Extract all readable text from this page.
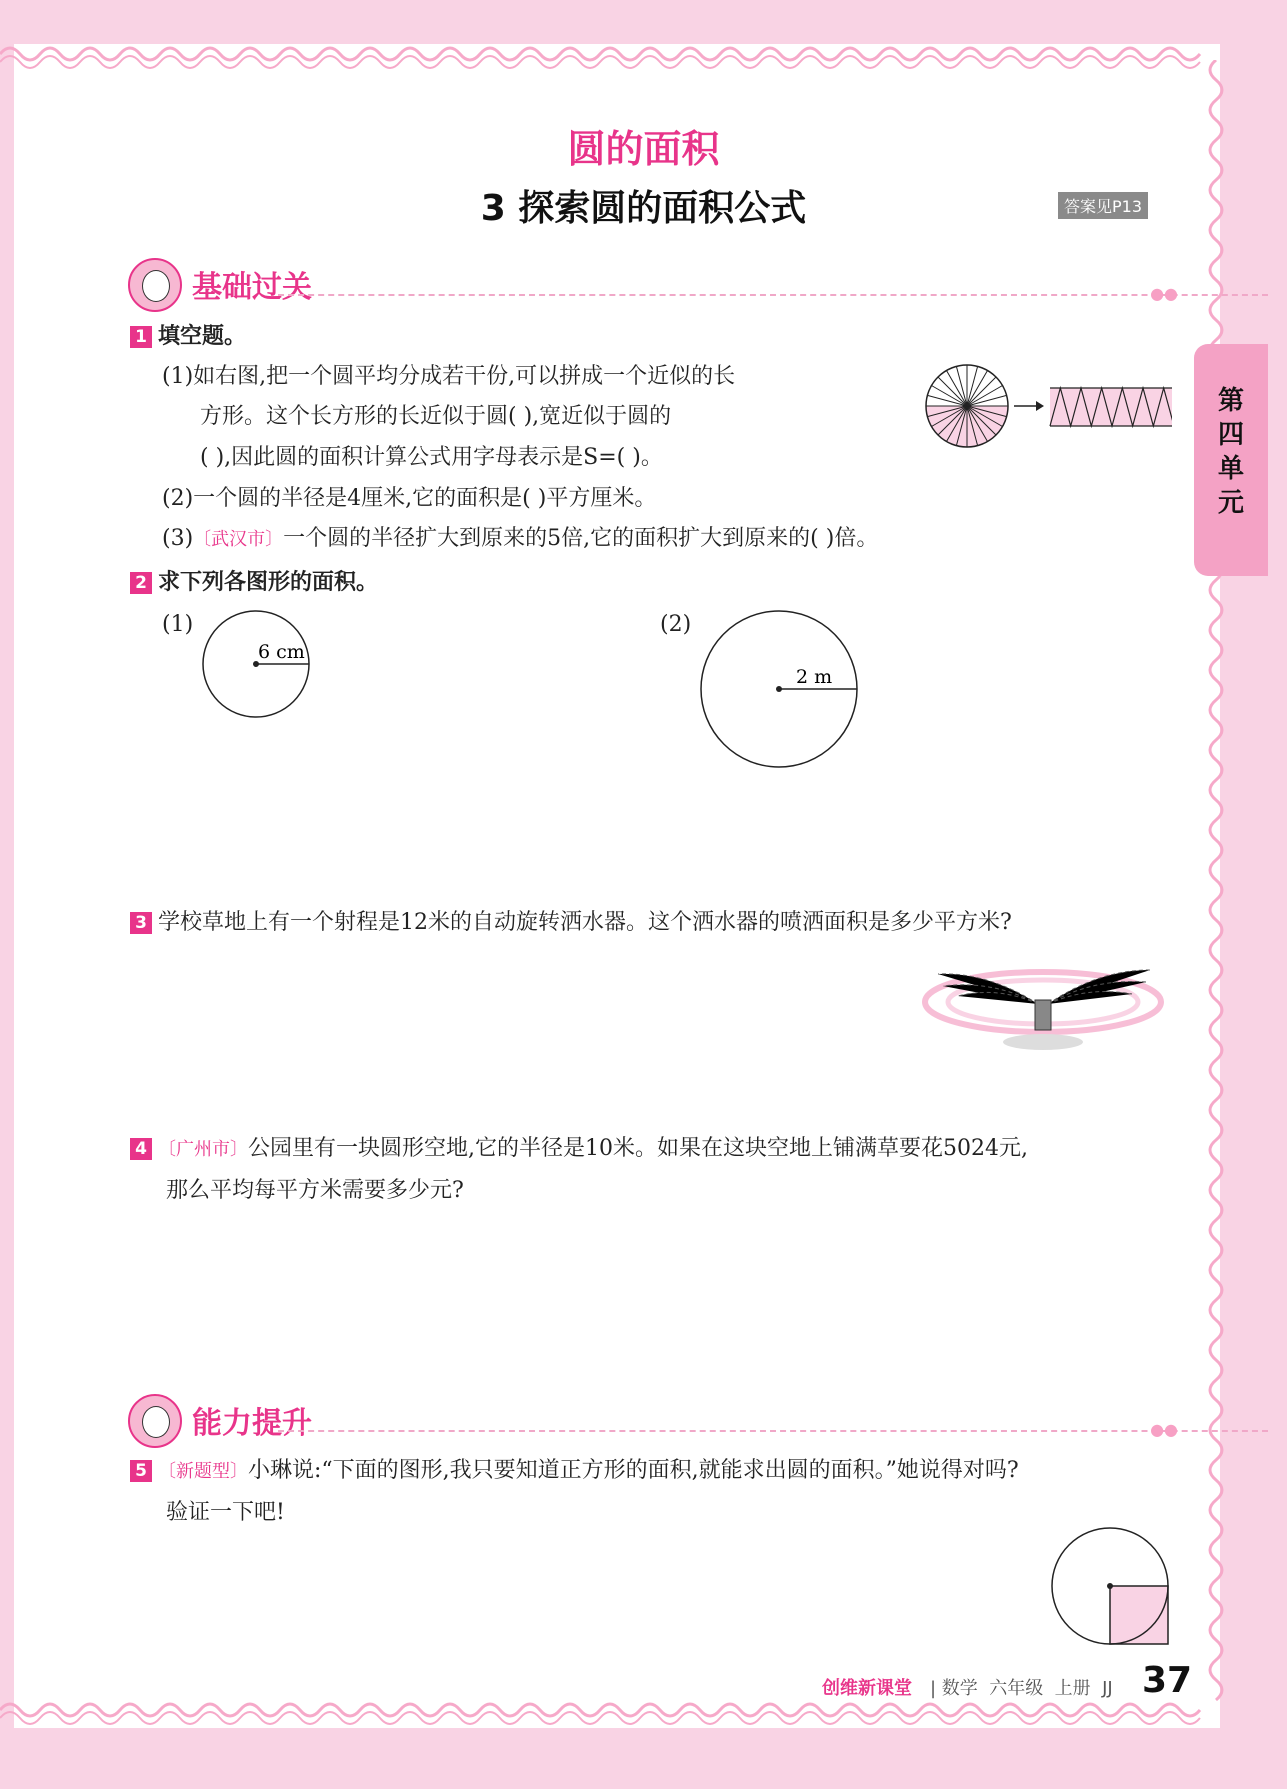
圆的面积
3 探索圆的面积公式	答案见P13
第四单元
基础过关	●●
1 填空题。
(1)如右图,把一个圆平均分成若干份,可以拼成一个近似的长
方形。这个长方形的长近似于圆( ),宽近似于圆的
( ),因此圆的面积计算公式用字母表示是S=( )。
(2)一个圆的半径是4厘米,它的面积是( )平方厘米。
(3)〔武汉市〕一个圆的半径扩大到原来的5倍,它的面积扩大到原来的( )倍。
2 求下列各图形的面积。
(1)
6 cm
(2)
2 m
3 学校草地上有一个射程是12米的自动旋转洒水器。这个洒水器的喷洒面积是多少平方米?
4 〔广州市〕公园里有一块圆形空地,它的半径是10米。如果在这块空地上铺满草要花5024元,
那么平均每平方米需要多少元?
能力提升	●●
5 〔新题型〕小琳说:“下面的图形,我只要知道正方形的面积,就能求出圆的面积。”她说得对吗?
验证一下吧!
创维新课堂 | 数学  六年级  上册  JJ 37
